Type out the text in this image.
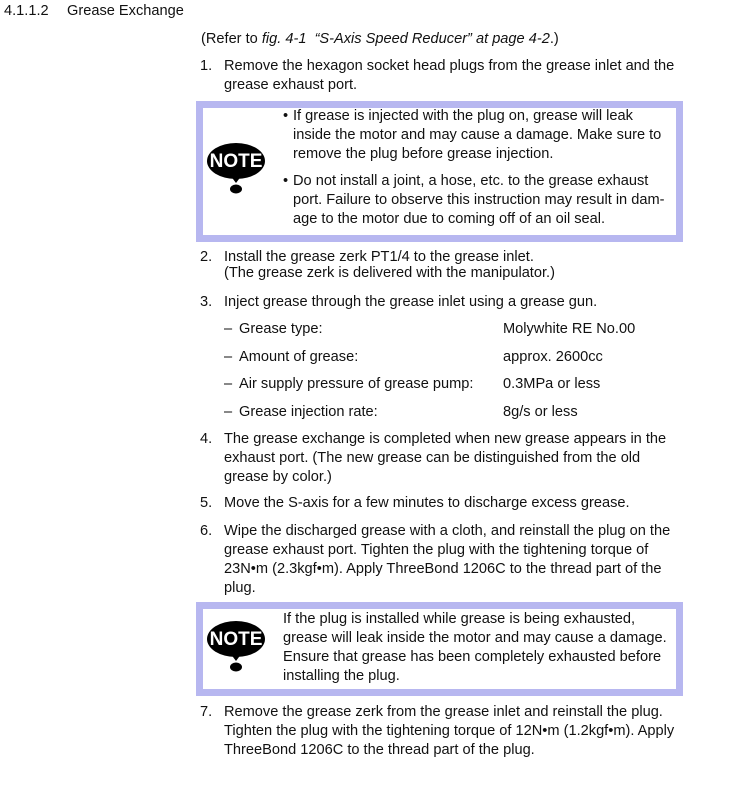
4.1.1.2 Grease Exchange
(Refer to fig. 4-1 “S-Axis Speed Reducer” at page 4-2.)
1. Remove the hexagon socket head plugs from the grease inlet and the
grease exhaust port.
NOTE
• If grease is injected with the plug on, grease will leak
inside the motor and may cause a damage. Make sure to
remove the plug before grease injection.
• Do not install a joint, a hose, etc. to the grease exhaust
port. Failure to observe this instruction may result in dam-
age to the motor due to coming off of an oil seal.
2. Install the grease zerk PT1/4 to the grease inlet.
(The grease zerk is delivered with the manipulator.)
3. Inject grease through the grease inlet using a grease gun.
– Grease type:	Molywhite RE No.00
– Amount of grease:	approx. 2600cc
– Air supply pressure of grease pump: 0.3MPa or less
– Grease injection rate:	8g/s or less
4. The grease exchange is completed when new grease appears in the
exhaust port. (The new grease can be distinguished from the old
grease by color.)
5. Move the S-axis for a few minutes to discharge excess grease.
6. Wipe the discharged grease with a cloth, and reinstall the plug on the
grease exhaust port. Tighten the plug with the tightening torque of
23N•m (2.3kgf•m). Apply ThreeBond 1206C to the thread part of the
plug.
NOTE
If the plug is installed while grease is being exhausted,
grease will leak inside the motor and may cause a damage.
Ensure that grease has been completely exhausted before
installing the plug.
7. Remove the grease zerk from the grease inlet and reinstall the plug.
Tighten the plug with the tightening torque of 12N•m (1.2kgf•m). Apply
ThreeBond 1206C to the thread part of the plug.
